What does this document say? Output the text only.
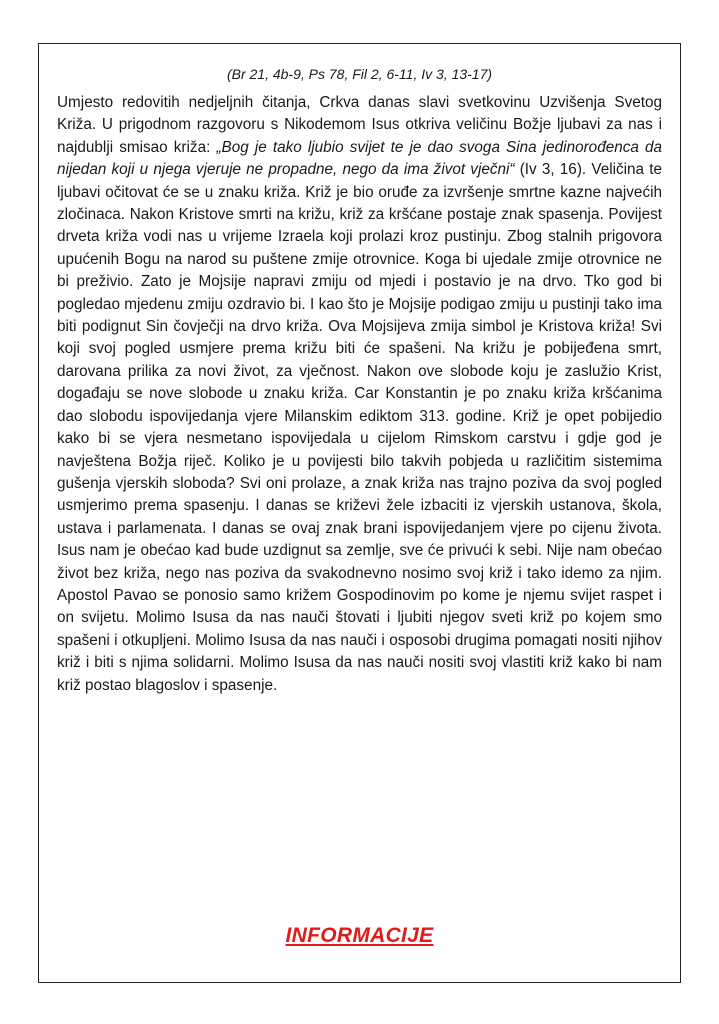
(Br 21, 4b-9, Ps 78, Fil 2, 6-11, Iv 3, 13-17)
Umjesto redovitih nedjeljnih čitanja, Crkva danas slavi svetkovinu Uzvišenja Svetog Križa. U prigodnom razgovoru s Nikodemom Isus otkriva veličinu Božje ljubavi za nas i najdublji smisao križa: „Bog je tako ljubio svijet te je dao svoga Sina jedinorođenca da nijedan koji u njega vjeruje ne propadne, nego da ima život vječni“ (Iv 3, 16). Veličina te ljubavi očitovat će se u znaku križa. Križ je bio oruđe za izvršenje smrtne kazne najvećih zločinaca. Nakon Kristove smrti na križu, križ za kršćane postaje znak spasenja. Povijest drveta križa vodi nas u vrijeme Izraela koji prolazi kroz pustinju. Zbog stalnih prigovora upućenih Bogu na narod su puštene zmije otrovnice. Koga bi ujedale zmije otrovnice ne bi preživio. Zato je Mojsije napravi zmiju od mjedi i postavio je na drvo. Tko god bi pogledao mjedenu zmiju ozdravio bi. I kao što je Mojsije podigao zmiju u pustinji tako ima biti podignut Sin čovječji na drvo križa. Ova Mojsijeva zmija simbol je Kristova križa! Svi koji svoj pogled usmjere prema križu biti će spašeni. Na križu je pobijeđena smrt, darovana prilika za novi život, za vječnost. Nakon ove slobode koju je zaslužio Krist, događaju se nove slobode u znaku križa. Car Konstantin je po znaku križa kršćanima dao slobodu ispovijedanja vjere Milanskim ediktom 313. godine. Križ je opet pobijedio kako bi se vjera nesmetano ispovijedala u cijelom Rimskom carstvu i gdje god je navještena Božja riječ. Koliko je u povijesti bilo takvih pobjeda u različitim sistemima gušenja vjerskih sloboda? Svi oni prolaze, a znak križa nas trajno poziva da svoj pogled usmjerimo prema spasenju. I danas se križevi žele izbaciti iz vjerskih ustanova, škola, ustava i parlamenata. I danas se ovaj znak brani ispovijedanjem vjere po cijenu života. Isus nam je obećao kad bude uzdignut sa zemlje, sve će privući k sebi. Nije nam obećao život bez križa, nego nas poziva da svakodnevno nosimo svoj križ i tako idemo za njim. Apostol Pavao se ponosio samo križem Gospodinovim po kome je njemu svijet raspet i on svijetu. Molimo Isusa da nas nauči štovati i ljubiti njegov sveti križ po kojem smo spašeni i otkupljeni. Molimo Isusa da nas nauči i osposobi drugima pomagati nositi njihov križ i biti s njima solidarni. Molimo Isusa da nas nauči nositi svoj vlastiti križ kako bi nam križ postao blagoslov i spasenje.
INFORMACIJE
